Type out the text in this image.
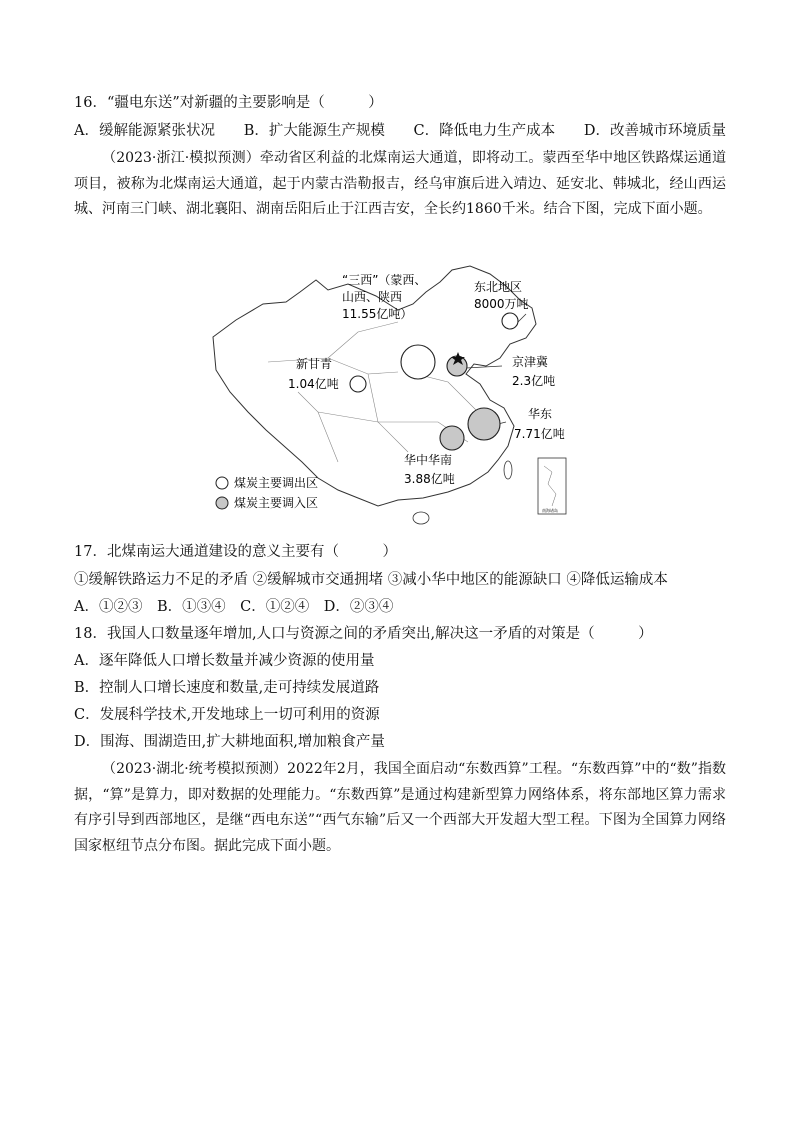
16．“疆电东送”对新疆的主要影响是（　　　）
A．缓解能源紧张状况 B．扩大能源生产规模 C．降低电力生产成本 D．改善城市环境质量
（2023·浙江·模拟预测）牵动省区利益的北煤南运大通道，即将动工。蒙西至华中地区铁路煤运通道项目，被称为北煤南运大通道，起于内蒙古浩勒报吉，经乌审旗后进入靖边、延安北、韩城北，经山西运城、河南三门峡、湖北襄阳、湖南岳阳后止于江西吉安，全长约1860千米。结合下图，完成下面小题。
南海诸岛
“三西”（蒙西、
山西、陕西
11.55亿吨）
东北地区
8000万吨
新甘青
1.04亿吨
京津冀
2.3亿吨
华东
7.71亿吨
华中华南
3.88亿吨
煤炭主要调出区
煤炭主要调入区
17．北煤南运大通道建设的意义主要有（　　　）
①缓解铁路运力不足的矛盾 ②缓解城市交通拥堵 ③减小华中地区的能源缺口 ④降低运输成本
A．①②③　B．①③④　C．①②④　D．②③④
18．我国人口数量逐年增加,人口与资源之间的矛盾突出,解决这一矛盾的对策是（　　　）
A．逐年降低人口增长数量并减少资源的使用量
B．控制人口增长速度和数量,走可持续发展道路
C．发展科学技术,开发地球上一切可利用的资源
D．围海、围湖造田,扩大耕地面积,增加粮食产量
（2023·湖北·统考模拟预测）2022年2月，我国全面启动“东数西算”工程。“东数西算”中的“数”指数据，“算”是算力，即对数据的处理能力。“东数西算”是通过构建新型算力网络体系，将东部地区算力需求有序引导到西部地区，是继“西电东送”“西气东输”后又一个西部大开发超大型工程。下图为全国算力网络国家枢纽节点分布图。据此完成下面小题。
